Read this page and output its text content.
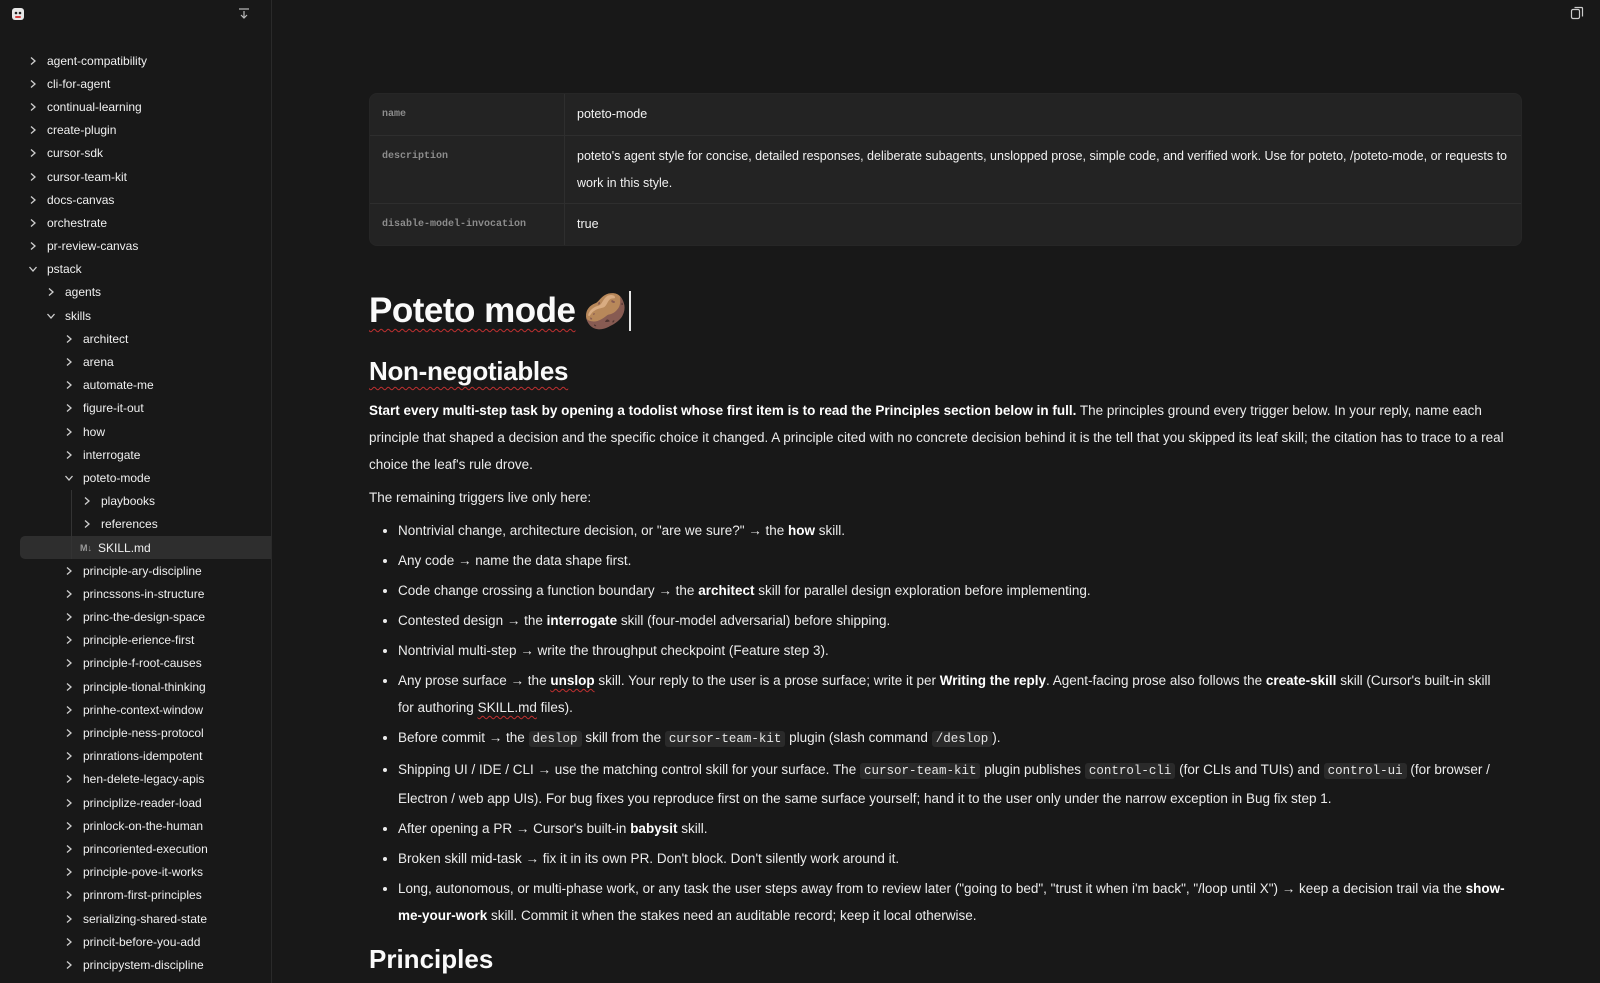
agent-compatibility
cli-for-agent
continual-learning
create-plugin
cursor-sdk
cursor-team-kit
docs-canvas
orchestrate
pr-review-canvas
pstack
agents
skills
architect
arena
automate-me
figure-it-out
how
interrogate
poteto-mode
playbooks
references
M↓ SKILL.md
principle-ary-discipline
princssons-in-structure
princ-the-design-space
principle-erience-first
principle-f-root-causes
principle-tional-thinking
prinhe-context-window
principle-ness-protocol
prinrations-idempotent
hen-delete-legacy-apis
principlize-reader-load
prinlock-on-the-human
princoriented-execution
principle-pove-it-works
prinrom-first-principles
serializing-shared-state
princit-before-you-add
principystem-discipline
name	poteto-mode
description	poteto's agent style for concise, detailed responses, deliberate subagents, unslopped prose, simple code, and verified work. Use for poteto, /poteto-mode, or requests to work in this style.
disable-model-invocation	true
Poteto mode 🥔
Non-negotiables

Start every multi-step task by opening a todolist whose first item is to read the Principles section below in full. The principles ground every trigger below. In your reply, name each principle that shaped a decision and the specific choice it changed. A principle cited with no concrete decision behind it is the tell that you skipped its leaf skill; the citation has to trace to a real choice the leaf's rule drove.

The remaining triggers live only here:

• Nontrivial change, architecture decision, or "are we sure?" → the how skill.
• Any code → name the data shape first.
• Code change crossing a function boundary → the architect skill for parallel design exploration before implementing.
• Contested design → the interrogate skill (four-model adversarial) before shipping.
• Nontrivial multi-step → write the throughput checkpoint (Feature step 3).
• Any prose surface → the unslop skill. Your reply to the user is a prose surface; write it per Writing the reply. Agent-facing prose also follows the create-skill skill (Cursor's built-in skill for authoring SKILL.md files).
• Before commit → the deslop skill from the cursor-team-kit plugin (slash command /deslop ).
• Shipping UI / IDE / CLI → use the matching control skill for your surface. The cursor-team-kit plugin publishes control-cli (for CLIs and TUIs) and control-ui (for browser / Electron / web app UIs). For bug fixes you reproduce first on the same surface yourself; hand it to the user only under the narrow exception in Bug fix step 1.
• After opening a PR → Cursor's built-in babysit skill.
• Broken skill mid-task → fix it in its own PR. Don't block. Don't silently work around it.
• Long, autonomous, or multi-phase work, or any task the user steps away from to review later ("going to bed", "trust it when i'm back", "/loop until X") → keep a decision trail via the show-me-your-work skill. Commit it when the stakes need an auditable record; keep it local otherwise.
Principles
